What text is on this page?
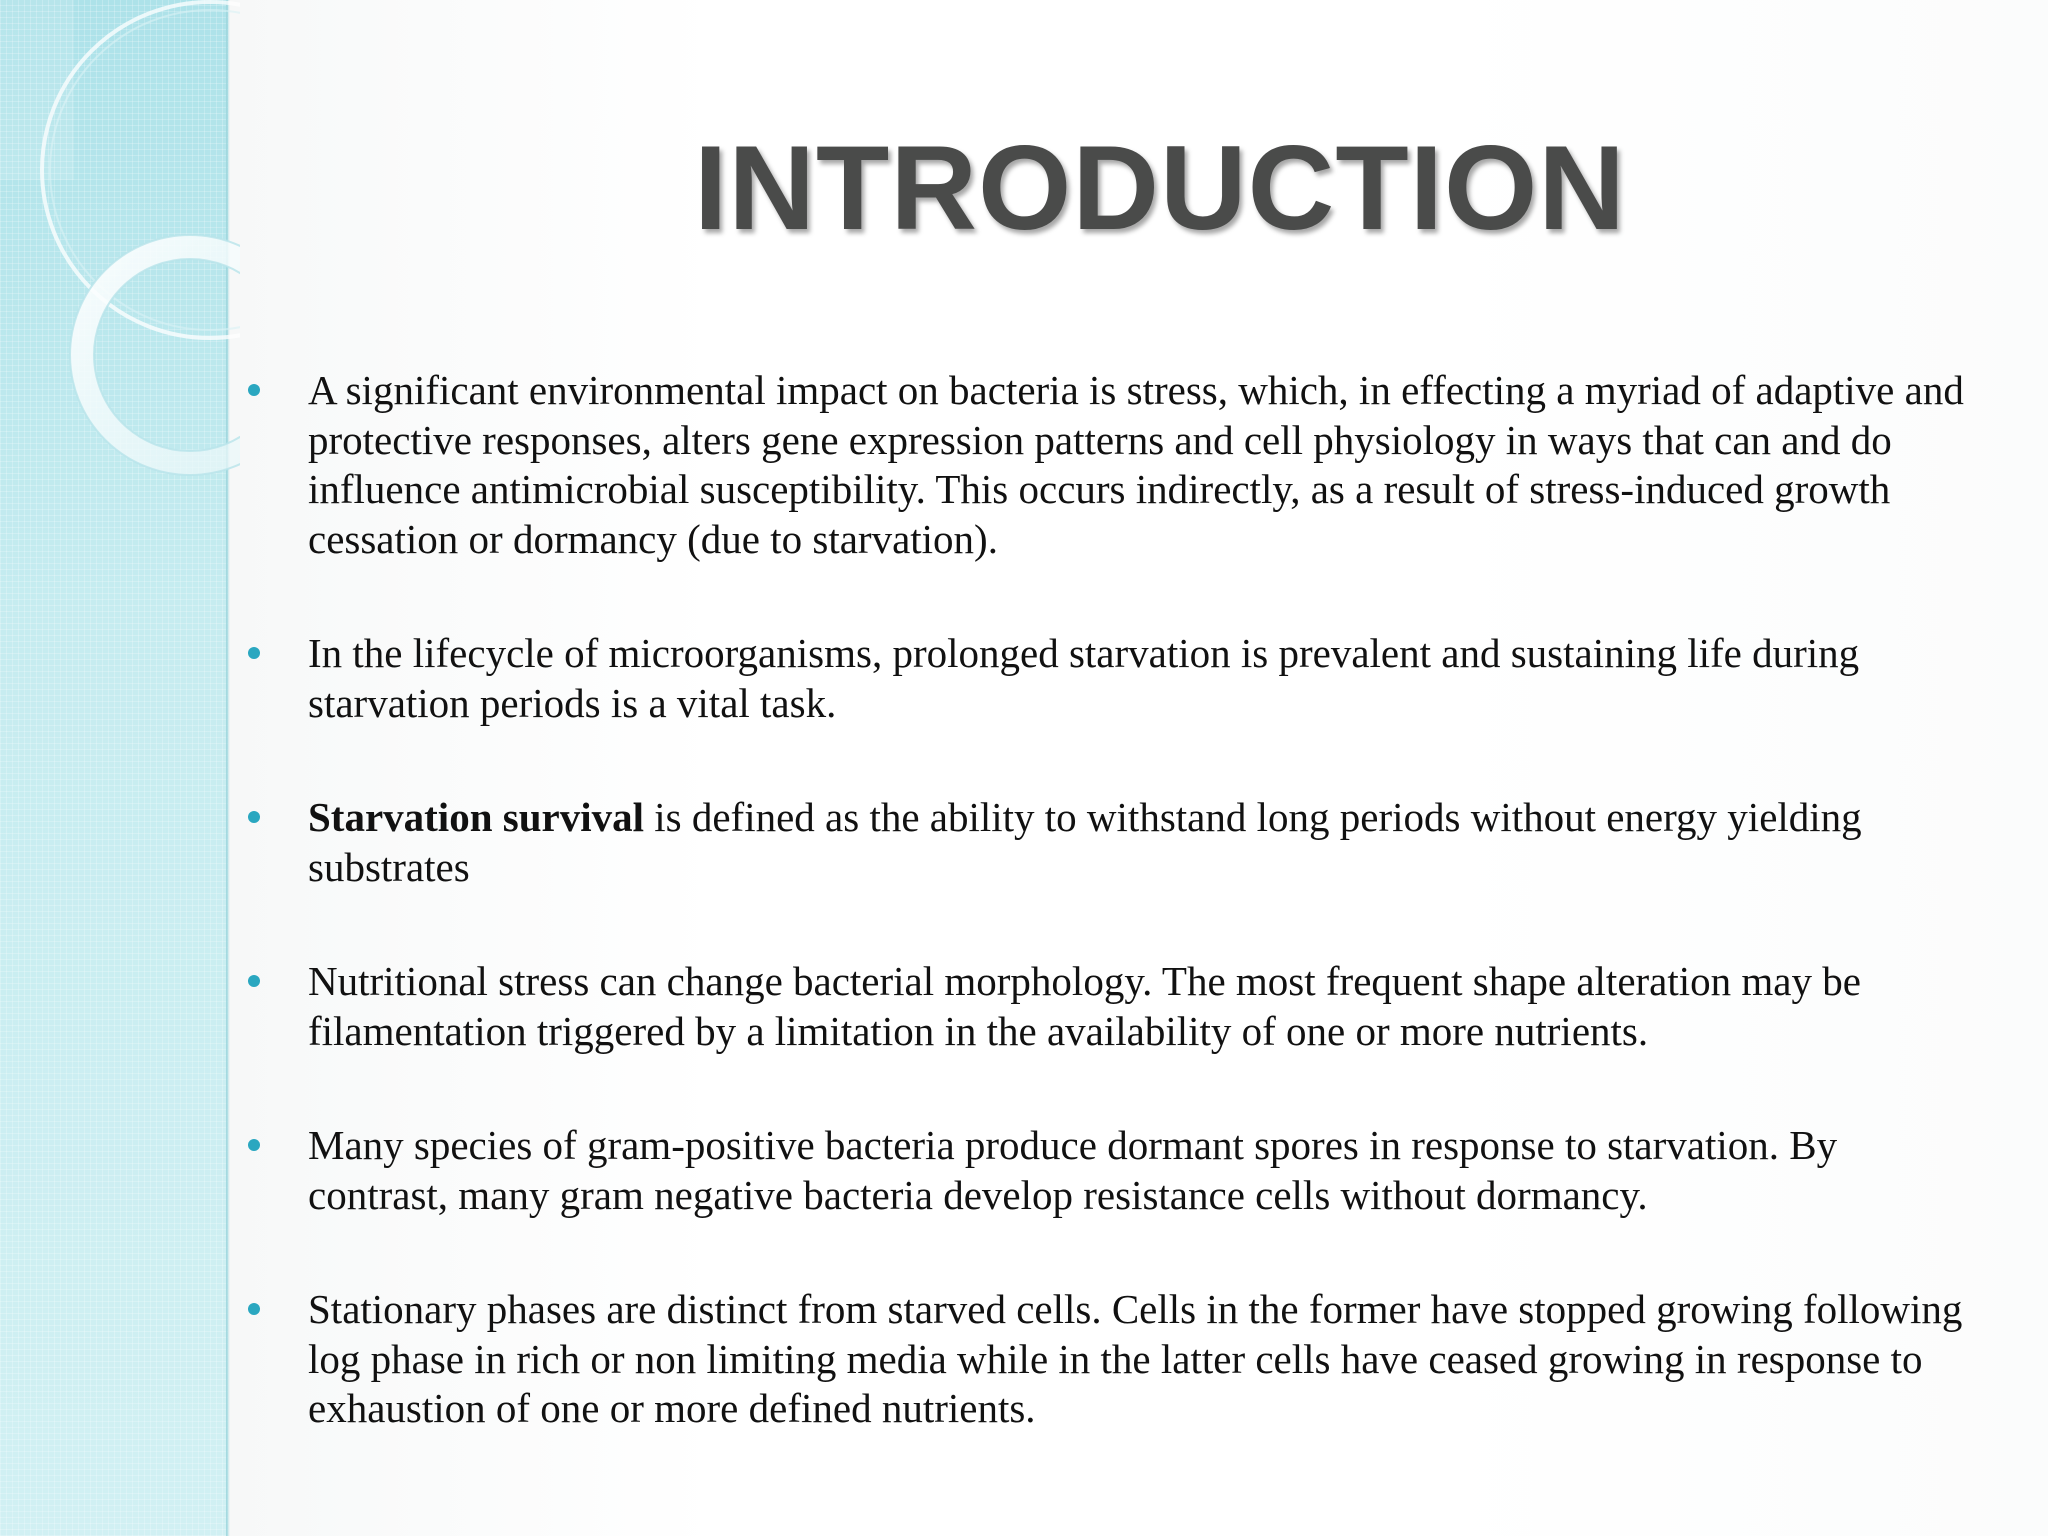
INTRODUCTION
A significant environmental impact on bacteria is stress, which, in effecting a myriad of adaptive and protective responses, alters gene expression patterns and cell physiology in ways that can and do influence antimicrobial susceptibility. This occurs indirectly, as a result of stress-induced growth cessation or dormancy (due to starvation).
In the lifecycle of microorganisms, prolonged starvation is prevalent and sustaining life during starvation periods is a vital task.
Starvation survival is defined as the ability to withstand long periods without energy yielding substrates
Nutritional stress can change bacterial morphology. The most frequent shape alteration may be filamentation triggered by a limitation in the availability of one or more nutrients.
Many species of gram-positive bacteria produce dormant spores in response to starvation. By contrast, many gram negative bacteria develop resistance cells without dormancy.
Stationary phases are distinct from starved cells. Cells in the former have stopped growing following log phase in rich or non limiting media while in the latter cells have ceased growing in response to exhaustion of one or more defined nutrients.
